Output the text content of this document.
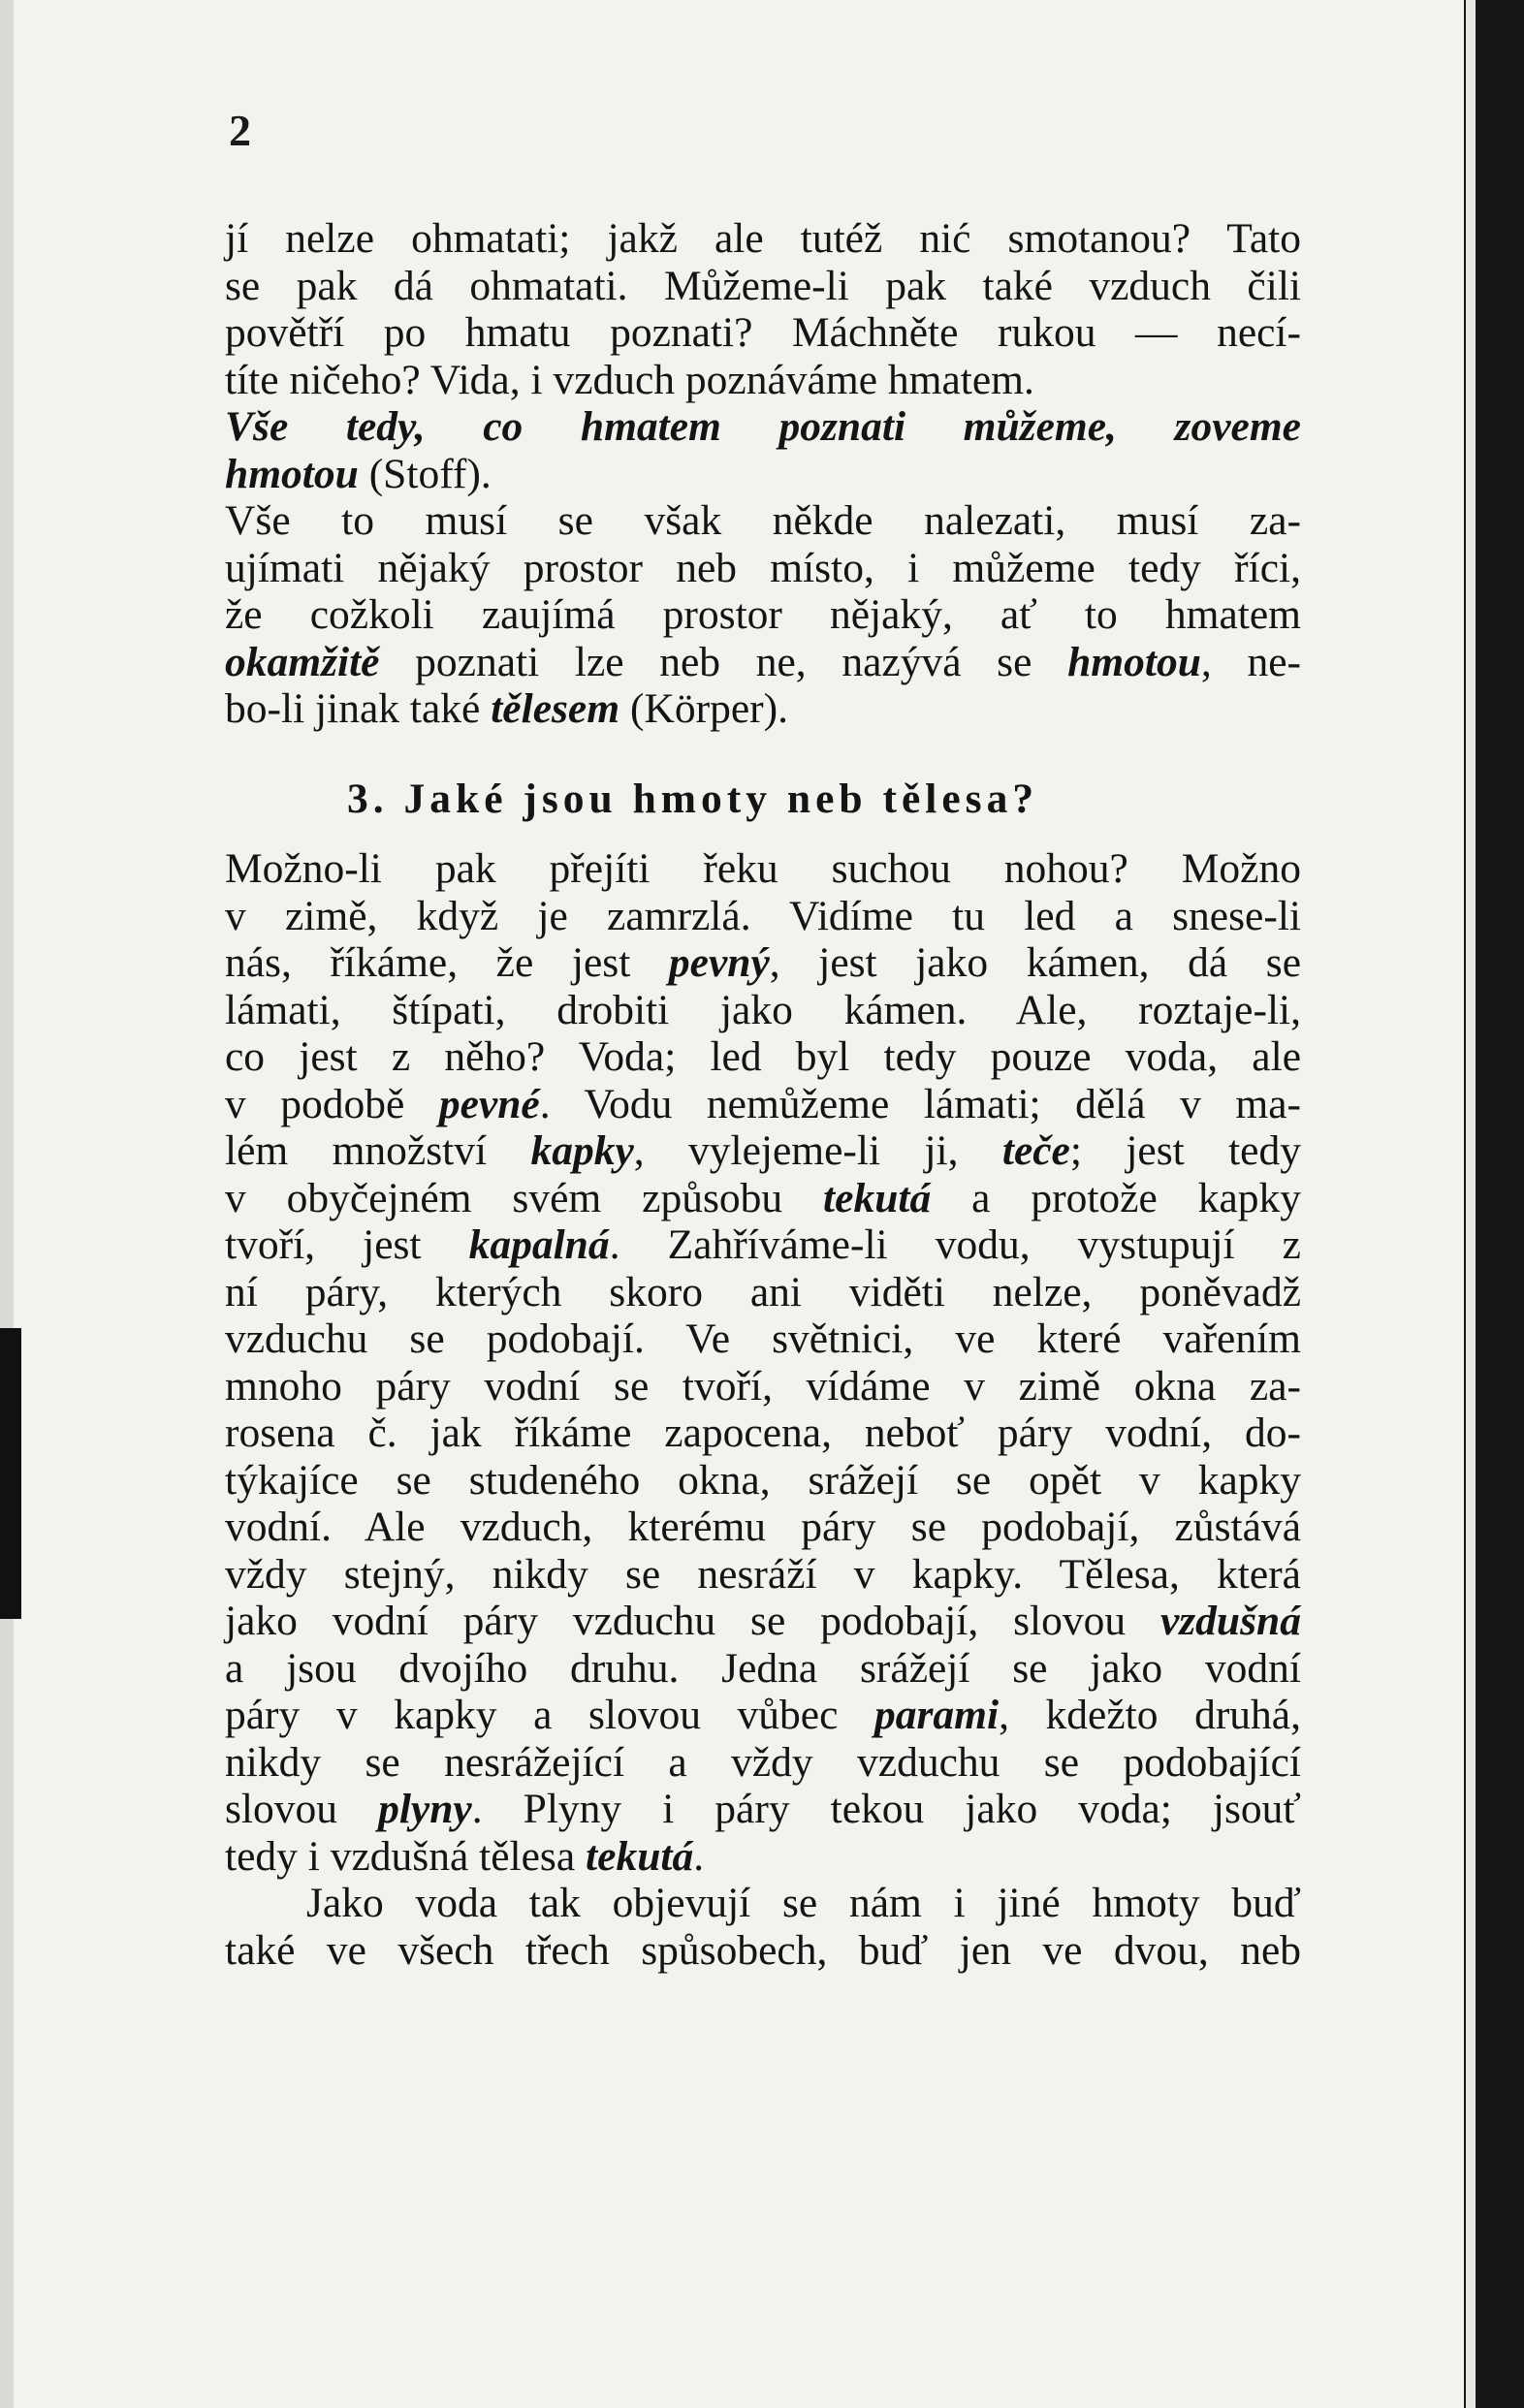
2
jí nelze ohmatati; jakž ale tutéž nić smotanou? Tato
se pak dá ohmatati. Můžeme-li pak také vzduch čili
povětří po hmatu poznati? Máchněte rukou — necí-
títe ničeho? Vida, i vzduch poznáváme hmatem.
Vše tedy, co hmatem poznati můžeme, zoveme
hmotou (Stoff).
Vše to musí se však někde nalezati, musí za-
ujímati nějaký prostor neb místo, i můžeme tedy říci,
že cožkoli zaujímá prostor nějaký, ať to hmatem
okamžitě poznati lze neb ne, nazývá se hmotou, ne-
bo-li jinak také tělesem (Körper).
3. Jaké jsou hmoty neb tělesa?
Možno-li pak přejíti řeku suchou nohou? Možno
v zimě, když je zamrzlá. Vidíme tu led a snese-li
nás, říkáme, že jest pevný, jest jako kámen, dá se
lámati, štípati, drobiti jako kámen. Ale, roztaje-li,
co jest z něho? Voda; led byl tedy pouze voda, ale
v podobě pevné. Vodu nemůžeme lámati; dělá v ma-
lém množství kapky, vylejeme-li ji, teče; jest tedy
v obyčejném svém způsobu tekutá a protože kapky
tvoří, jest kapalná. Zahříváme-li vodu, vystupují z
ní páry, kterých skoro ani viděti nelze, poněvadž
vzduchu se podobají. Ve světnici, ve které vařením
mnoho páry vodní se tvoří, vídáme v zimě okna za-
rosena č. jak říkáme zapocena, neboť páry vodní, do-
týkajíce se studeného okna, srážejí se opět v kapky
vodní. Ale vzduch, kterému páry se podobají, zůstává
vždy stejný, nikdy se nesráží v kapky. Tělesa, která
jako vodní páry vzduchu se podobají, slovou vzdušná
a jsou dvojího druhu. Jedna srážejí se jako vodní
páry v kapky a slovou vůbec parami, kdežto druhá,
nikdy se nesrážející a vždy vzduchu se podobající
slovou plyny. Plyny i páry tekou jako voda; jsouť
tedy i vzdušná tělesa tekutá.
Jako voda tak objevují se nám i jiné hmoty buď
také ve všech třech spůsobech, buď jen ve dvou, neb
